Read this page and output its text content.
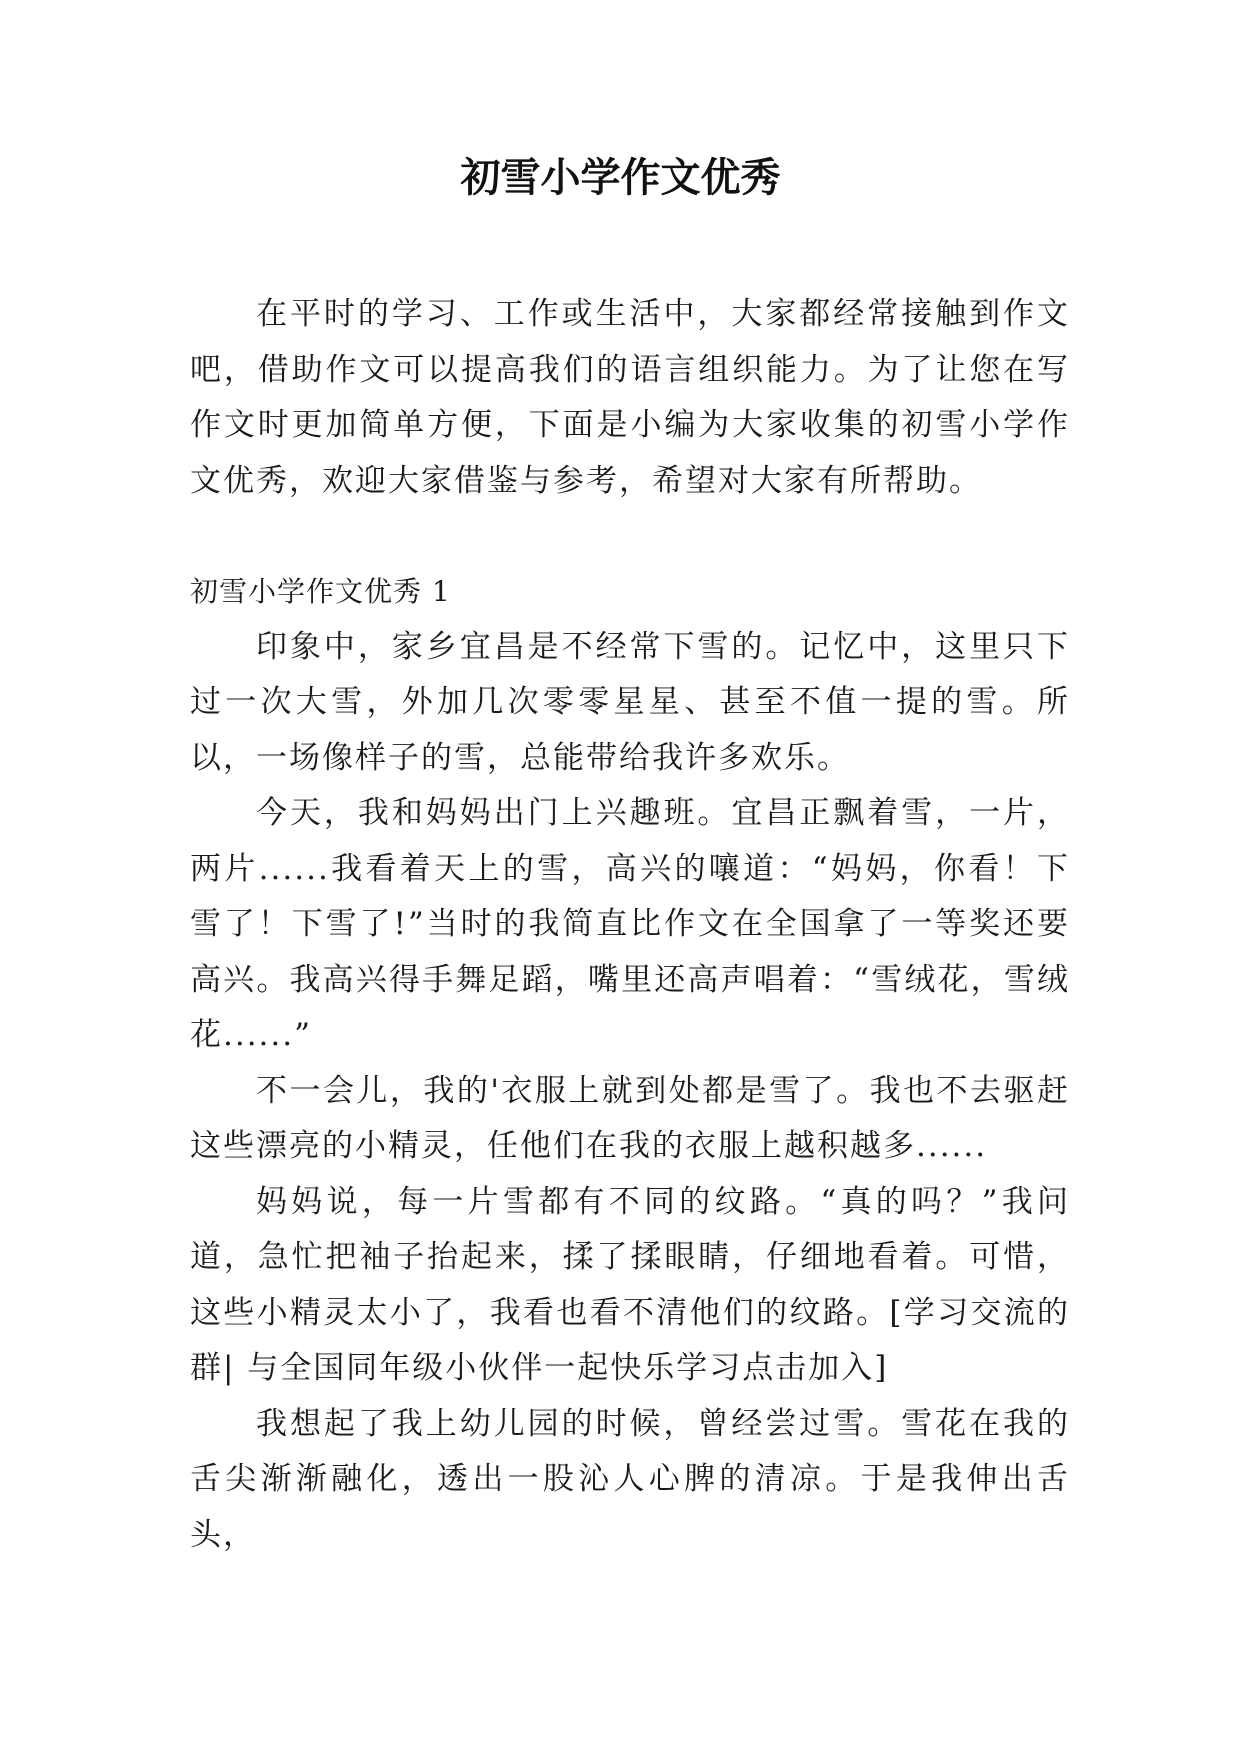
初雪小学作文优秀

在平时的学习、工作或生活中，大家都经常接触到作文吧，借助作文可以提高我们的语言组织能力。为了让您在写作文时更加简单方便，下面是小编为大家收集的初雪小学作文优秀，欢迎大家借鉴与参考，希望对大家有所帮助。

初雪小学作文优秀 1

印象中，家乡宜昌是不经常下雪的。记忆中，这里只下过一次大雪，外加几次零零星星、甚至不值一提的雪。所以，一场像样子的雪，总能带给我许多欢乐。

今天，我和妈妈出门上兴趣班。宜昌正飘着雪，一片，两片......我看着天上的雪，高兴的嚷道：“妈妈，你看！下雪了！下雪了!”当时的我简直比作文在全国拿了一等奖还要高兴。我高兴得手舞足蹈，嘴里还高声唱着：“雪绒花，雪绒花......”

不一会儿，我的'衣服上就到处都是雪了。我也不去驱赶这些漂亮的小精灵，任他们在我的衣服上越积越多......

妈妈说，每一片雪都有不同的纹路。“真的吗？”我问道，急忙把袖子抬起来，揉了揉眼睛，仔细地看着。可惜，这些小精灵太小了，我看也看不清他们的纹路。[学习交流的群| 与全国同年级小伙伴一起快乐学习点击加入]

我想起了我上幼儿园的时候，曾经尝过雪。雪花在我的舌尖渐渐融化，透出一股沁人心脾的清凉。于是我伸出舌头，
